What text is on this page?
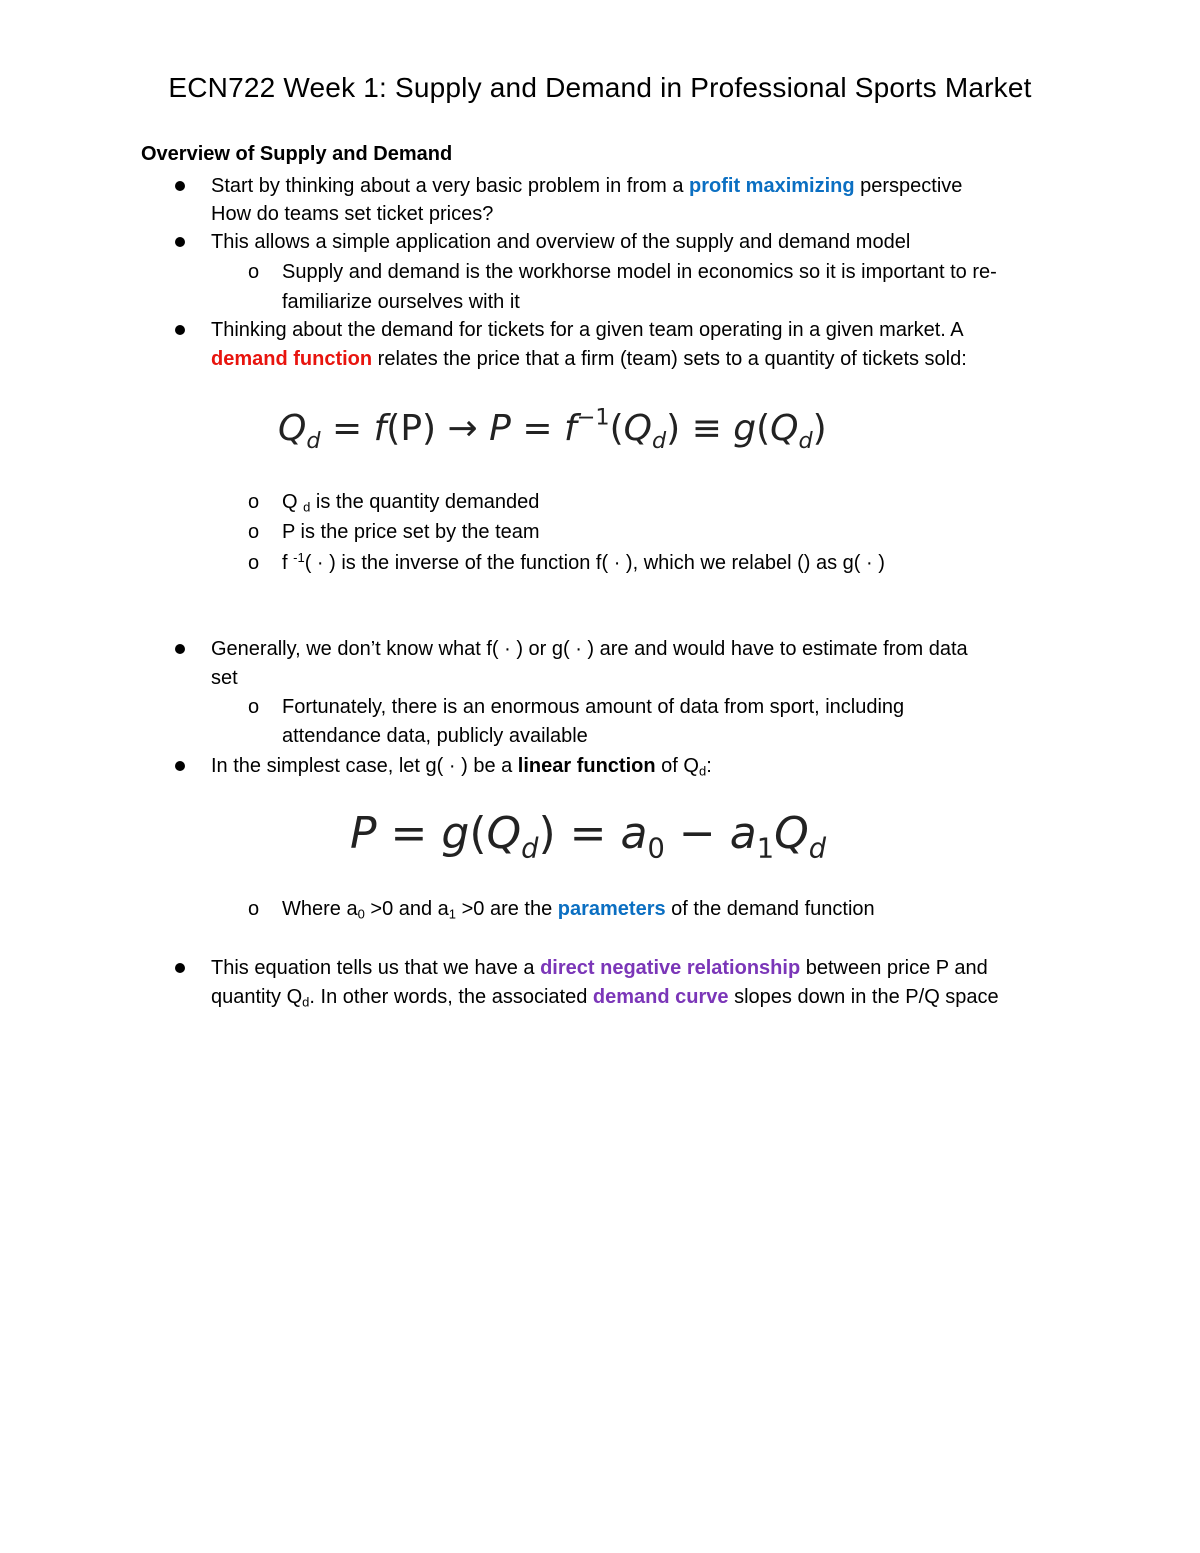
ECN722 Week 1: Supply and Demand in Professional Sports Market
Overview of Supply and Demand
Start by thinking about a very basic problem in from a profit maximizing perspective
How do teams set ticket prices?
This allows a simple application and overview of the supply and demand model
o Supply and demand is the workhorse model in economics so it is important to re-
familiarize ourselves with it
Thinking about the demand for tickets for a given team operating in a given market. A
demand function relates the price that a firm (team) sets to a quantity of tickets sold:
$Q_d = f(P) \to P = f^{-1}(Q_d) \equiv g(Q_d)$
o Q $_d$ is the quantity demanded
o P is the price set by the team
o f $^{-1}$( · ) is the inverse of the function f( · ), which we relabel () as g( · )
Generally, we don’t know what f( · ) or g( · ) are and would have to estimate from data
set
o Fortunately, there is an enormous amount of data from sport, including
attendance data, publicly available
In the simplest case, let g( · ) be a linear function of $Q_d$:
$P = g(Q_d) = a_0 - a_1Q_d$
o Where $a_0 >0$ and $a_1 >0$ are the parameters of the demand function
This equation tells us that we have a direct negative relationship between price P and
quantity $Q_d$. In other words, the associated demand curve slopes down in the P/Q space
